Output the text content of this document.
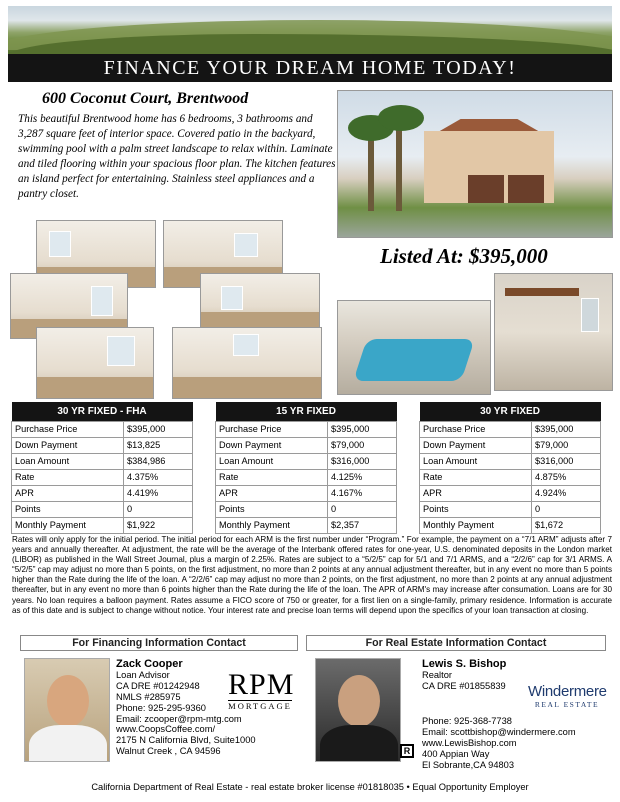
FINANCE YOUR DREAM HOME TODAY!
600 Coconut Court, Brentwood
This beautiful Brentwood home has 6 bedrooms, 3 bathrooms and 3,287 square feet of interior space. Covered patio in the backyard, swimming pool with a palm street landscape to relax within. Laminate and tiled flooring within your spacious floor plan. The kitchen features an island perfect for entertaining. Stainless steel appliances and a pantry closet.
Listed At: $395,000
30 YR FIXED - FHA	
Purchase Price	$395,000
Down Payment	$13,825
Loan Amount	$384,986
Rate	4.375%
APR	4.419%
Points	0
Monthly Payment	$1,922
15 YR FIXED	
Purchase Price	$395,000
Down Payment	$79,000
Loan Amount	$316,000
Rate	4.125%
APR	4.167%
Points	0
Monthly Payment	$2,357
30 YR FIXED	
Purchase Price	$395,000
Down Payment	$79,000
Loan Amount	$316,000
Rate	4.875%
APR	4.924%
Points	0
Monthly Payment	$1,672
Rates will only apply for the initial period. The initial period for each ARM is the first number under “Program.” For example, the payment on a “7/1 ARM” adjusts after 7 years and annually thereafter. At adjustment, the rate will be the average of the Interbank offered rates for one-year, U.S. denominated deposits in the London market (LIBOR) as published in the Wall Street Journal, plus a margin of 2.25%. Rates are subject to a “5/2/5” cap for 5/1 and 7/1 ARMS, and a “2/2/6” cap for 3/1 ARMS. A “5/2/5” cap may adjust no more than 5 points, on the first adjustment, no more than 2 points at any annual adjustment thereafter, but in any event no more than 5 points higher than the Rate during the life of the loan. A “2/2/6” cap may adjust no more than 2 points, on the first adjustment, no more than 2 points at any annual adjustment thereafter, but in any event no more than 6 points higher than the Rate during the life of the loan. The APR of ARM's may increase after consumation. Loans are for 30 years. No loan requires a balloon payment. Rates assume a FICO score of 750 or greater, for a first lien on a single-family, primary residence. Information is accurate as of this date and is subject to change without notice. Your interest rate and precise loan terms will depend upon the specifics of your loan transaction at closing.
For Financing Information Contact	For Real Estate Information Contact
Zack Cooper
Loan Advisor
CA DRE #01242948
NMLS #285975
Phone: 925-295-9360
Email: zcooper@rpm-mtg.com
www.CoopsCoffee.com/
2175 N California Blvd, Suite1000
Walnut Creek , CA 94596
RPM
MORTGAGE
Lewis S. Bishop
Realtor
CA DRE #01855839
Phone: 925-368-7738
Email: scottbishop@windermere.com
www.LewisBishop.com
400 Appian Way
El Sobrante,CA 94803
R
Windermere
REAL ESTATE
California Department of Real Estate - real estate broker license #01818035 • Equal Opportunity Employer
